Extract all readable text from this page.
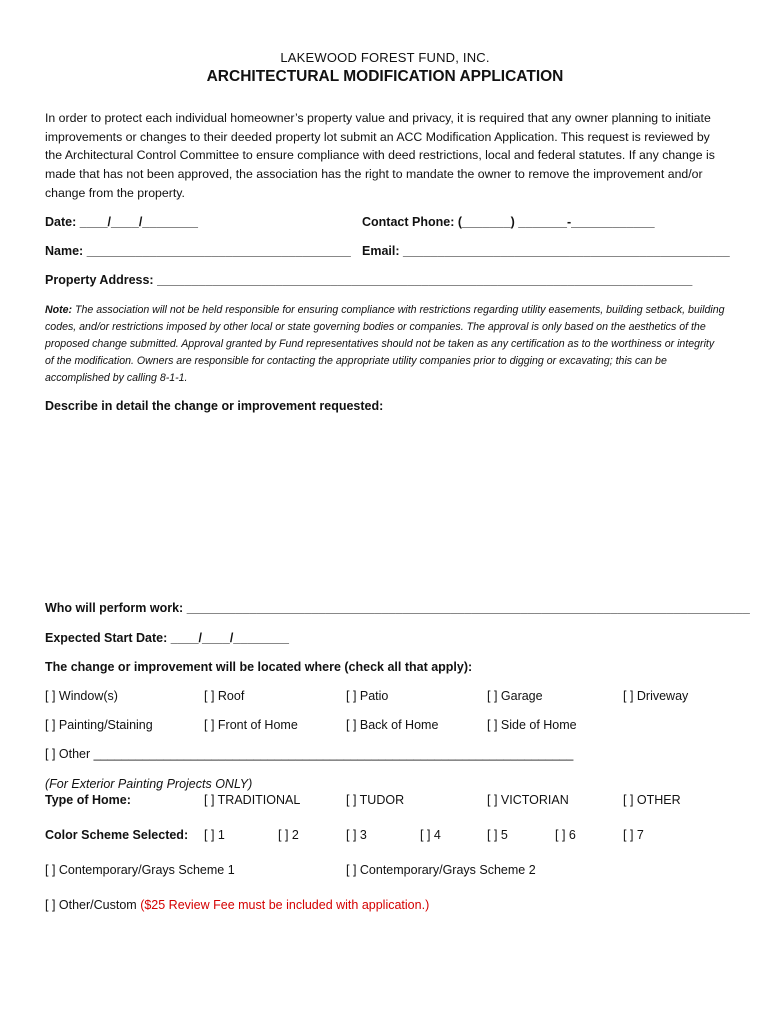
LAKEWOOD FOREST FUND, INC.
ARCHITECTURAL MODIFICATION APPLICATION

In order to protect each individual homeowner’s property value and privacy, it is required that any owner planning to initiate improvements or changes to their deeded property lot submit an ACC Modification Application. This request is reviewed by the Architectural Control Committee to ensure compliance with deed restrictions, local and federal statutes. If any change is made that has not been approved, the association has the right to mandate the owner to remove the improvement and/or change from the property.

Date: ____/____/________	Contact Phone: (_______) _______-____________
Name: ______________________________________ Email: _______________________________________________
Property Address: _____________________________________________________________________________

Note: The association will not be held responsible for ensuring compliance with restrictions regarding utility easements, building setback, building codes, and/or restrictions imposed by other local or state governing bodies or companies. The approval is only based on the aesthetics of the proposed change submitted. Approval granted by Fund representatives should not be taken as any certification as to the worthiness or integrity of the modification. Owners are responsible for contacting the appropriate utility companies prior to digging or excavating; this can be accomplished by calling 8-1-1.

Describe in detail the change or improvement requested:
Who will perform work: _________________________________________________________________________________
Expected Start Date: ____/____/________
The change or improvement will be located where (check all that apply):
[ ] Window(s)	[ ] Roof	[ ] Patio	[ ] Garage	[ ] Driveway
[ ] Painting/Staining	[ ] Front of Home	[ ] Back of Home	[ ] Side of Home
[ ] Other _____________________________________________________________________
(For Exterior Painting Projects ONLY)
Type of Home:	[ ] TRADITIONAL	[ ] TUDOR	[ ] VICTORIAN	[ ] OTHER
Color Scheme Selected: [ ] 1	[ ] 2	[ ] 3	[ ] 4	[ ] 5	[ ] 6	[ ] 7
[ ] Contemporary/Grays Scheme 1	[ ] Contemporary/Grays Scheme 2
[ ] Other/Custom ($25 Review Fee must be included with application.)
